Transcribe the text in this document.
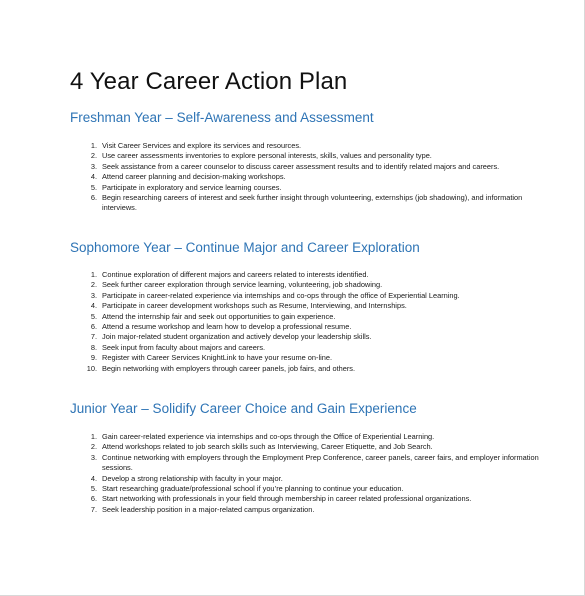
4 Year Career Action Plan
Freshman Year – Self-Awareness and Assessment
1. Visit Career Services and explore its services and resources.
2. Use career assessments inventories to explore personal interests, skills, values and personality type.
3. Seek assistance from a career counselor to discuss career assessment results and to identify related majors and careers.
4. Attend career planning and decision-making workshops.
5. Participate in exploratory and service learning courses.
6. Begin researching careers of interest and seek further insight through volunteering, externships (job shadowing), and information interviews.
Sophomore Year – Continue Major and Career Exploration
1. Continue exploration of different majors and careers related to interests identified.
2. Seek further career exploration through service learning, volunteering, job shadowing.
3. Participate in career-related experience via internships and co-ops through the office of Experiential Learning.
4. Participate in career development workshops such as Resume, Interviewing, and Internships.
5. Attend the internship fair and seek out opportunities to gain experience.
6. Attend a resume workshop and learn how to develop a professional resume.
7. Join major-related student organization and actively develop your leadership skills.
8. Seek input from faculty about majors and careers.
9. Register with Career Services KnightLink to have your resume on-line.
10. Begin networking with employers through career panels, job fairs, and others.
Junior Year – Solidify Career Choice and Gain Experience
1. Gain career-related experience via internships and co-ops through the Office of Experiential Learning.
2. Attend workshops related to job search skills such as Interviewing, Career Etiquette, and Job Search.
3. Continue networking with employers through the Employment Prep Conference, career panels, career fairs, and employer information sessions.
4. Develop a strong relationship with faculty in your major.
5. Start researching graduate/professional school if you’re planning to continue your education.
6. Start networking with professionals in your field through membership in career related professional organizations.
7. Seek leadership position in a major-related campus organization.
